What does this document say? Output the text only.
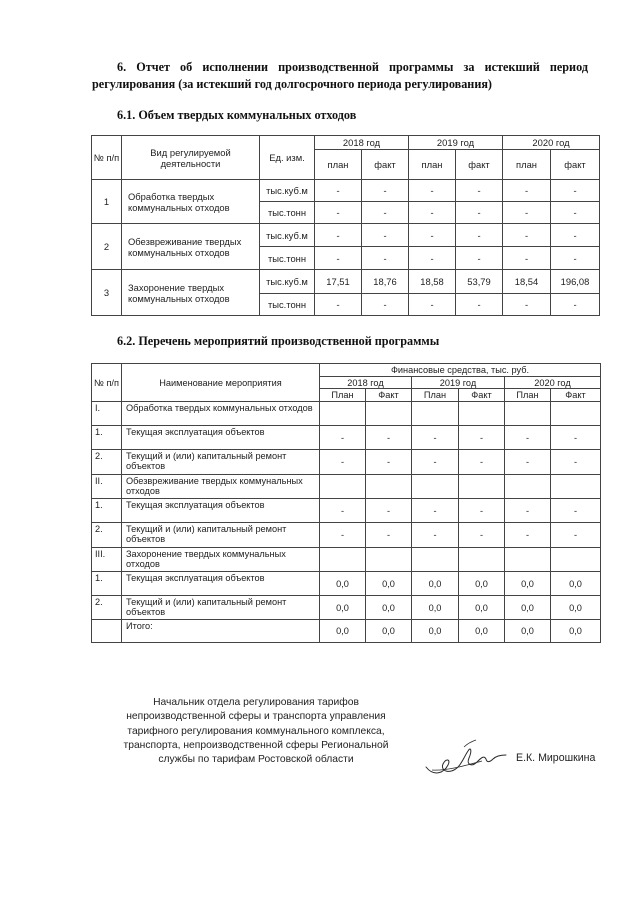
6. Отчет об исполнении производственной программы за истекший период регулирования (за истекший год долгосрочного периода регулирования)
6.1. Объем твердых коммунальных отходов
№ п/п	Вид регулируемой деятельности	Ед. изм.	2018 год		2019 год		2020 год	
			план	факт	план	факт	план	факт
1	Обработка твердых коммунальных отходов	тыс.куб.м	-	-	-	-	-	-
		тыс.тонн	-	-	-	-	-	-
2	Обезвреживание твердых коммунальных отходов	тыс.куб.м	-	-	-	-	-	-
		тыс.тонн	-	-	-	-	-	-
3	Захоронение твердых коммунальных отходов	тыс.куб.м	17,51	18,76	18,58	53,79	18,54	196,08
		тыс.тонн	-	-	-	-	-	-
6.2. Перечень мероприятий производственной программы
№ п/п	Наименование мероприятия	Финансовые средства, тыс. руб.					
		2018 год		2019 год		2020 год	
		План	Факт	План	Факт	План	Факт
I.	Обработка твердых коммунальных отходов						
1.	Текущая эксплуатация объектов	-	-	-	-	-	-
2.	Текущий и (или) капитальный ремонт объектов	-	-	-	-	-	-
II.	Обезвреживание твердых коммунальных отходов						
1.	Текущая эксплуатация объектов	-	-	-	-	-	-
2.	Текущий и (или) капитальный ремонт объектов	-	-	-	-	-	-
III.	Захоронение твердых коммунальных отходов						
1.	Текущая эксплуатация объектов	0,0	0,0	0,0	0,0	0,0	0,0
2.	Текущий и (или) капитальный ремонт объектов	0,0	0,0	0,0	0,0	0,0	0,0
	Итого:	0,0	0,0	0,0	0,0	0,0	0,0
Начальник отдела регулирования тарифов
непроизводственной сферы и транспорта управления
тарифного регулирования коммунального комплекса,
транспорта, непроизводственной сферы Региональной
службы по тарифам Ростовской области	Е.К. Мирошкина
